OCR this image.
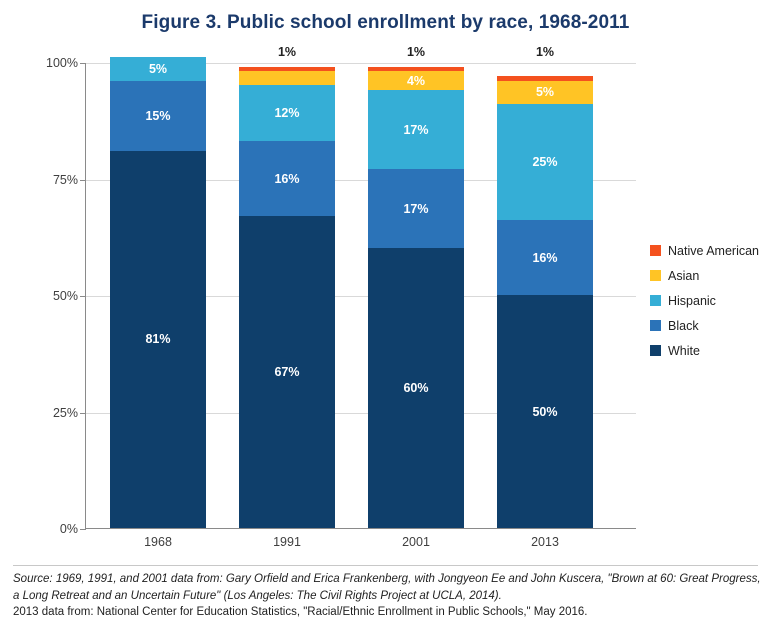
Figure 3. Public school enrollment by race, 1968-2011
0%
25%
50%
75%
100%
81%
15%
5%
1968
67%
16%
12%
1%
1991
60%
17%
17%
4%
1%
2001
50%
16%
25%
5%
1%
2013
Native American
Asian
Hispanic
Black
White
Source: 1969, 1991, and 2001 data from: Gary Orfield and Erica Frankenberg, with Jongyeon Ee and John Kuscera, "Brown at 60: Great Progress, a Long Retreat and an Uncertain Future" (Los Angeles: The Civil Rights Project at UCLA, 2014).
2013 data from: National Center for Education Statistics, "Racial/Ethnic Enrollment in Public Schools," May 2016.
